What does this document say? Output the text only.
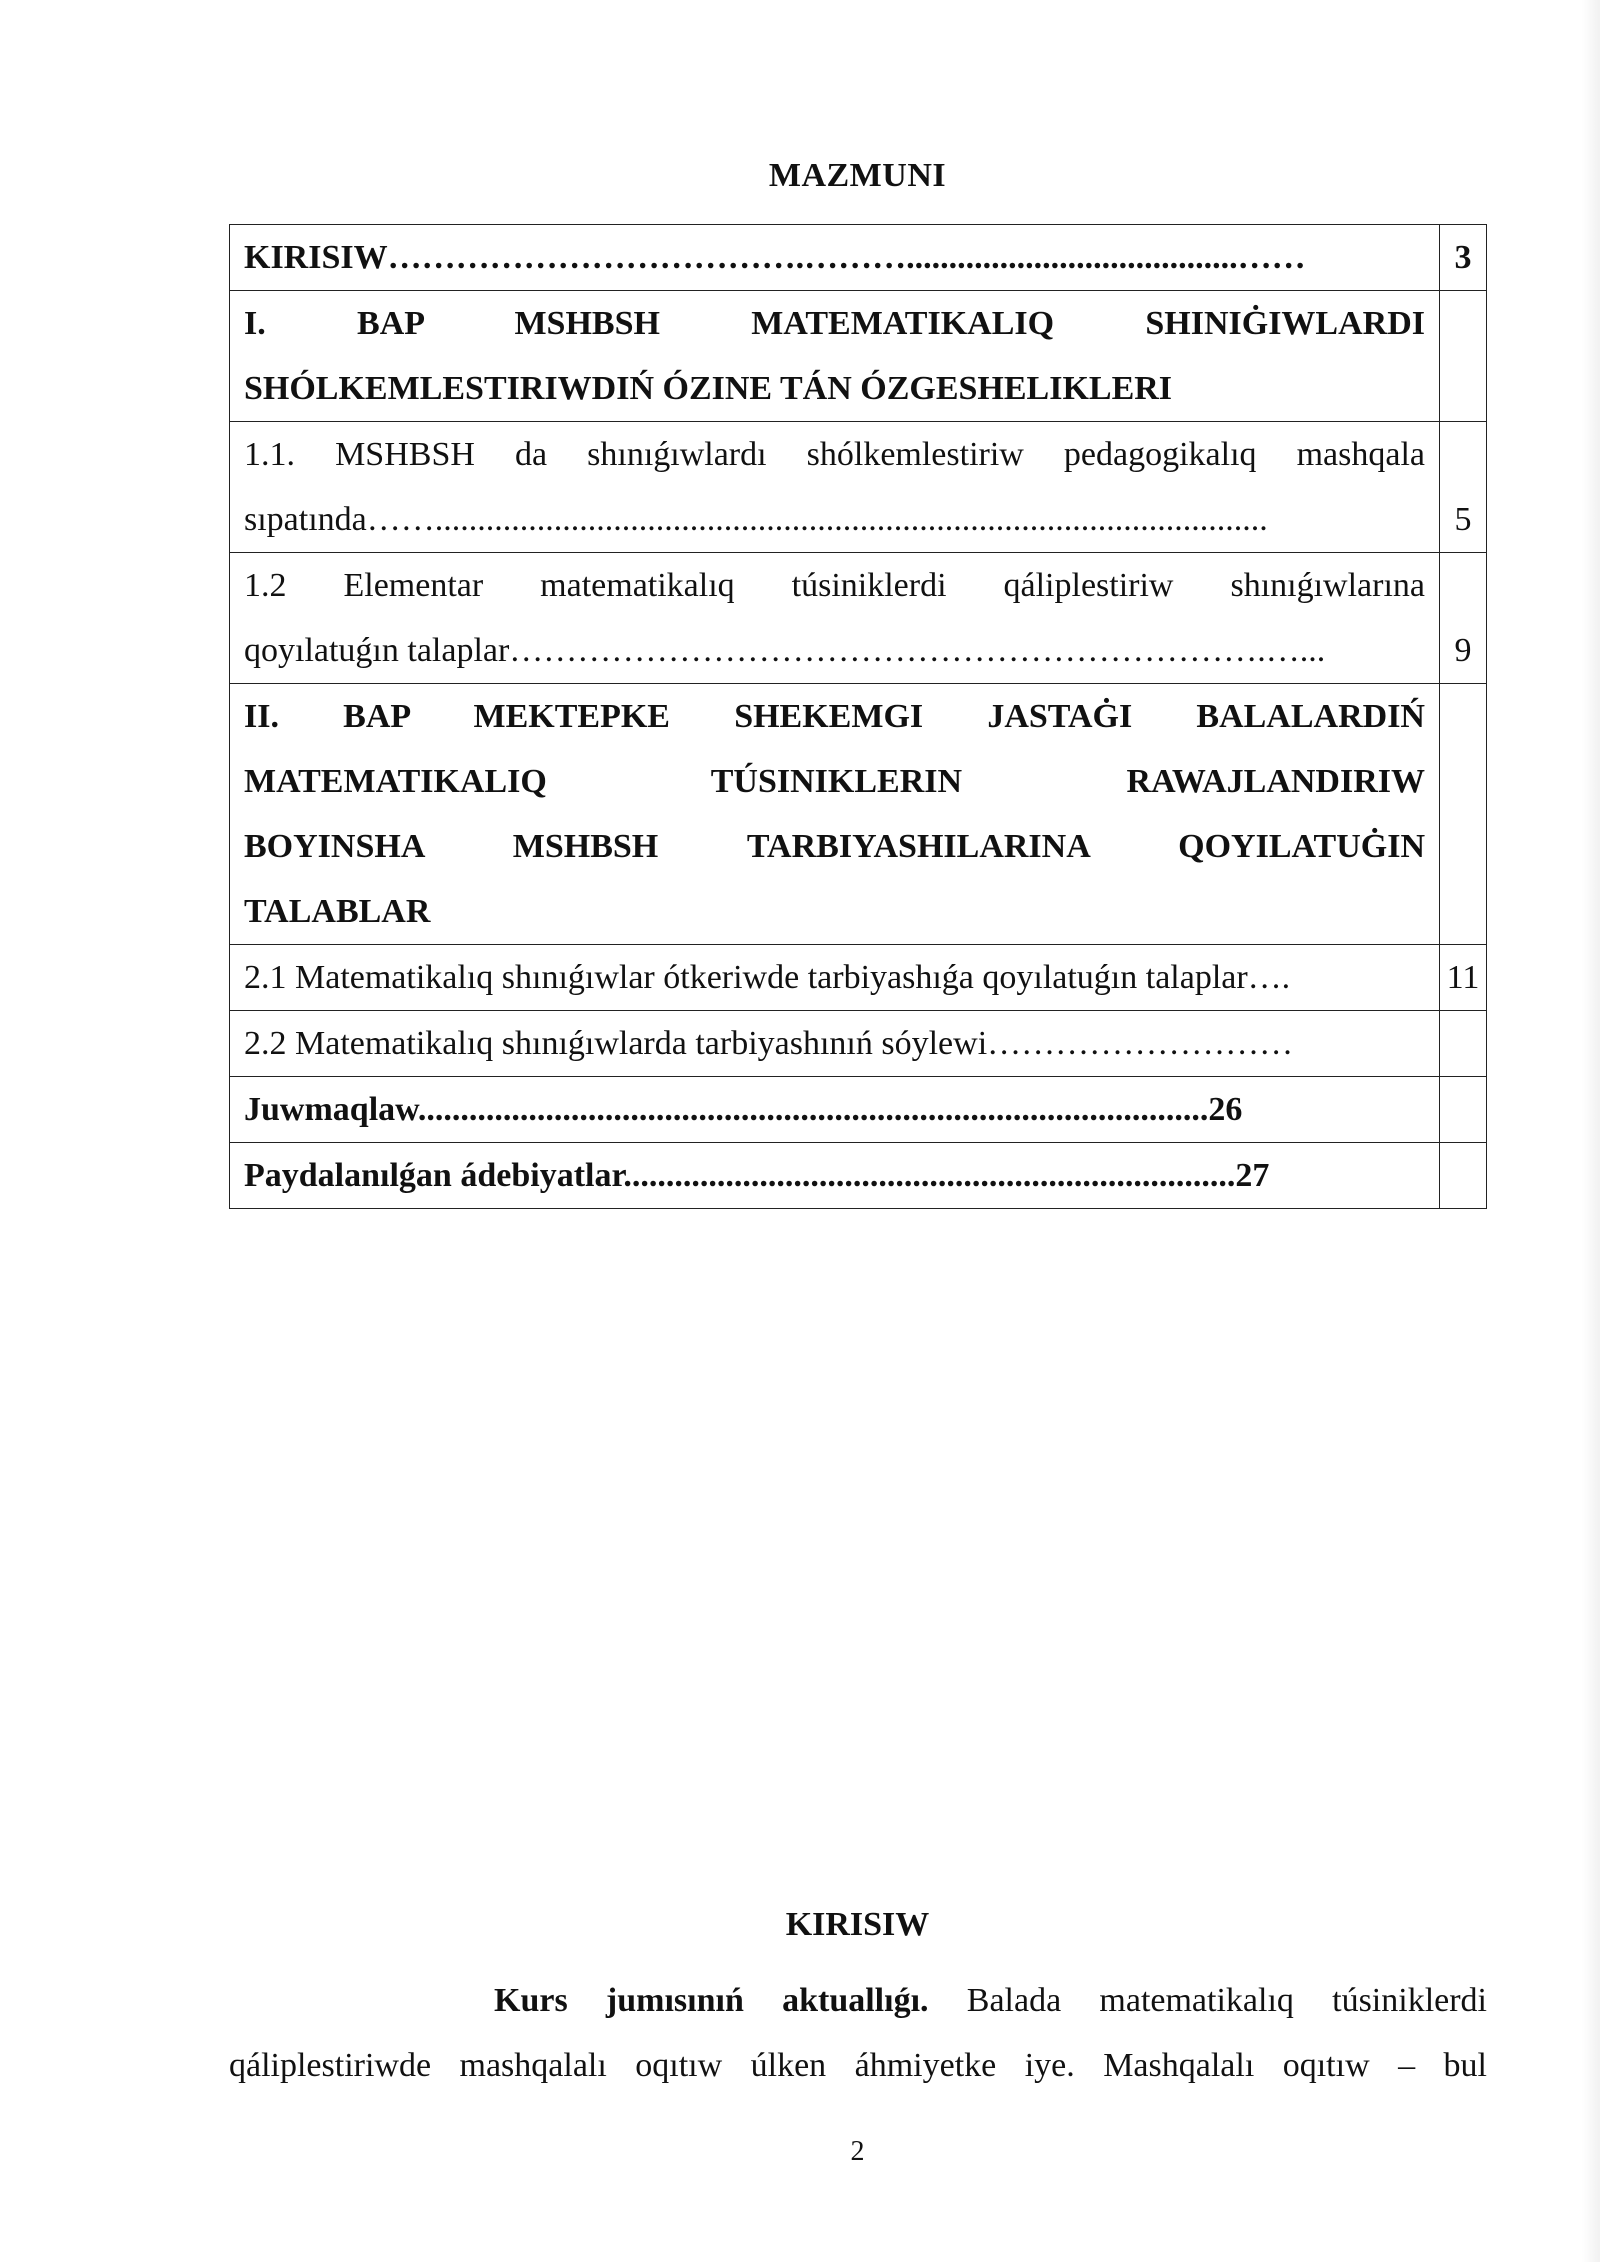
MAZMUNI
KIRISIW……………………………….……….......................................……	3

I. BAP MSHBSH MATEMATIKALIQ SHINIĠIWLARDI
SHÓLKEMLESTIRIWDIŃ ÓZINE TÁN ÓZGESHELIKLERI	

1.1. MSHBSH da shınıǵıwlardı shólkemlestiriw pedagogikalıq mashqala
sıpatında……..................................................................................................	5

1.2 Elementar matematikalıq túsiniklerdi qáliplestiriw shınıǵıwlarına
qoyılatuǵın talaplar………………………………………………………….…...	9

II. BAP MEKTEPKE SHEKEMGI JASTAĠI BALALARDIŃ
MATEMATIKALIQ TÚSINIKLERIN RAWAJLANDIRIW
BOYINSHA MSHBSH TARBIYASHILARINA QOYILATUĠIN
TALABLAR	

2.1 Matematikalıq shınıǵıwlar ótkeriwde tarbiyashıǵa qoyılatuǵın talaplar….	11
2.2 Matematikalıq shınıǵıwlarda tarbiyashınıń sóylewi………………………	
Juwmaqlaw.............................................................................................26	
Paydalanılǵan ádebiyatlar........................................................................27	
KIRISIW
Kurs jumısınıń aktuallıǵı. Balada matematikalıq túsiniklerdi
qáliplestiriwde mashqalalı oqıtıw úlken áhmiyetke iye. Mashqalalı oqıtıw – bul
2
